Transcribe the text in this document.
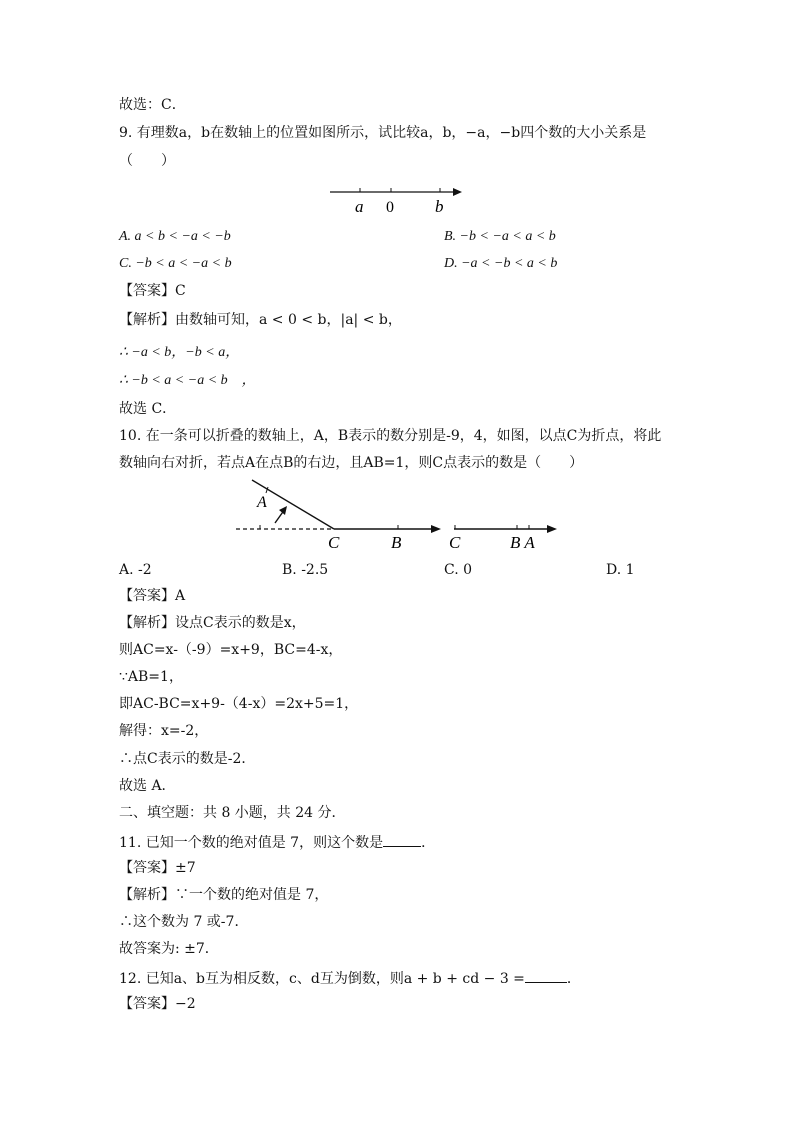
故选：C．
9. 有理数a，b在数轴上的位置如图所示，试比较a，b，−a，−b四个数的大小关系是
（　　）
a 0 b
A. a < b < −a < −b	B. −b < −a < a < b
C. −b < a < −a < b	D. −a < −b < a < b
【答案】C
【解析】由数轴可知，a < 0 < b，|a| < b，
∴ −a < b，−b < a，
∴ −b < a < −a < b　，
故选 C．
10. 在一条可以折叠的数轴上，A，B表示的数分别是-9，4，如图，以点C为折点，将此
数轴向右对折，若点A在点B的右边，且AB=1，则C点表示的数是（　　）
A
C	B	C	B A
A. -2	B. -2.5	C. 0	D. 1
【答案】A
【解析】设点C表示的数是x，
则AC=x-（-9）=x+9，BC=4-x，
∵AB=1，
即AC-BC=x+9-（4-x）=2x+5=1，
解得：x=-2，
∴点C表示的数是-2．
故选 A．
二、填空题：共 8 小题，共 24 分．
11. 已知一个数的绝对值是 7，则这个数是	．
【答案】±7
【解析】∵一个数的绝对值是 7，
∴这个数为 7 或-7．
故答案为: ±7．
12. 已知a、b互为相反数，c、d互为倒数，则a + b + cd − 3 =	．
【答案】−2
